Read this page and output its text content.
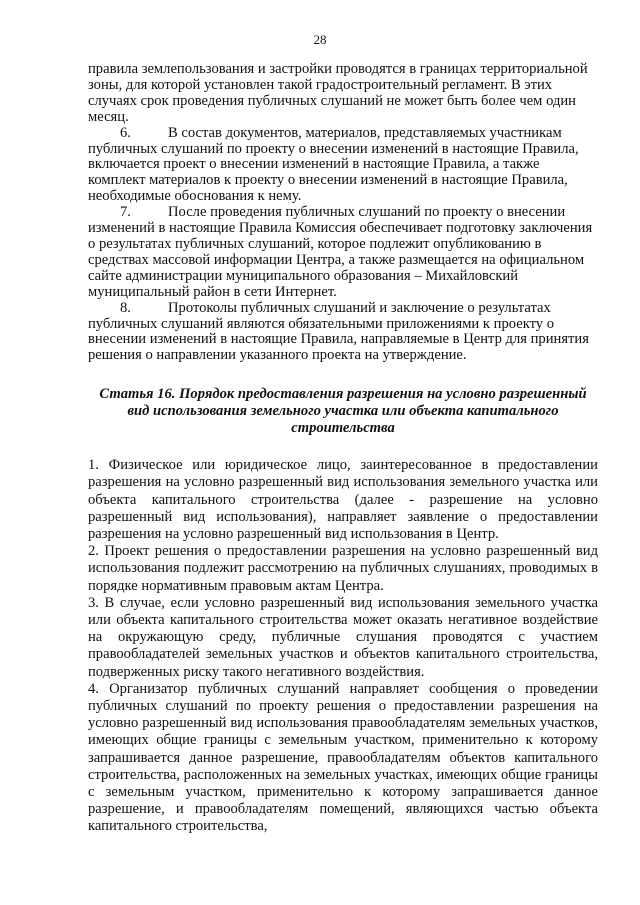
28

правила землепользования и застройки проводятся в границах территориальной зоны, для которой установлен такой градостроительный регламент. В этих случаях срок проведения публичных слушаний не может быть более чем один месяц.

6.	В состав документов, материалов, представляемых участникам публичных слушаний по проекту о внесении изменений в настоящие Правила, включается проект о внесении изменений в настоящие Правила, а также комплект материалов к проекту о внесении изменений в настоящие Правила, необходимые обоснования к нему.

7.	После проведения публичных слушаний по проекту о внесении изменений в настоящие Правила Комиссия обеспечивает подготовку заключения о результатах публичных слушаний, которое подлежит опубликованию в средствах массовой информации Центра, а также размещается на официальном сайте администрации муниципального образования – Михайловский муниципальный район в сети Интернет.

8.	Протоколы публичных слушаний и заключение о результатах публичных слушаний являются обязательными приложениями к проекту о внесении изменений в настоящие Правила, направляемые в Центр для принятия решения о направлении указанного проекта на утверждение.

Статья 16. Порядок предоставления разрешения на условно разрешенный вид использования земельного участка или объекта капитального строительства

1. Физическое или юридическое лицо, заинтересованное в предоставлении разрешения на условно разрешенный вид использования земельного участка или объекта капитального строительства (далее - разрешение на условно разрешенный вид использования), направляет заявление о предоставлении разрешения на условно разрешенный вид использования в Центр.

2. Проект решения о предоставлении разрешения на условно разрешенный вид использования подлежит рассмотрению на публичных слушаниях, проводимых в порядке нормативным правовым актам Центра.

3. В случае, если условно разрешенный вид использования земельного участка или объекта капитального строительства может оказать негативное воздействие на окружающую среду, публичные слушания проводятся с участием правообладателей земельных участков и объектов капитального строительства, подверженных риску такого негативного воздействия.

4. Организатор публичных слушаний направляет сообщения о проведении публичных слушаний по проекту решения о предоставлении разрешения на условно разрешенный вид использования правообладателям земельных участков, имеющих общие границы с земельным участком, применительно к которому запрашивается данное разрешение, правообладателям объектов капитального строительства, расположенных на земельных участках, имеющих общие границы с земельным участком, применительно к которому запрашивается данное разрешение, и правообладателям помещений, являющихся частью объекта капитального строительства,
